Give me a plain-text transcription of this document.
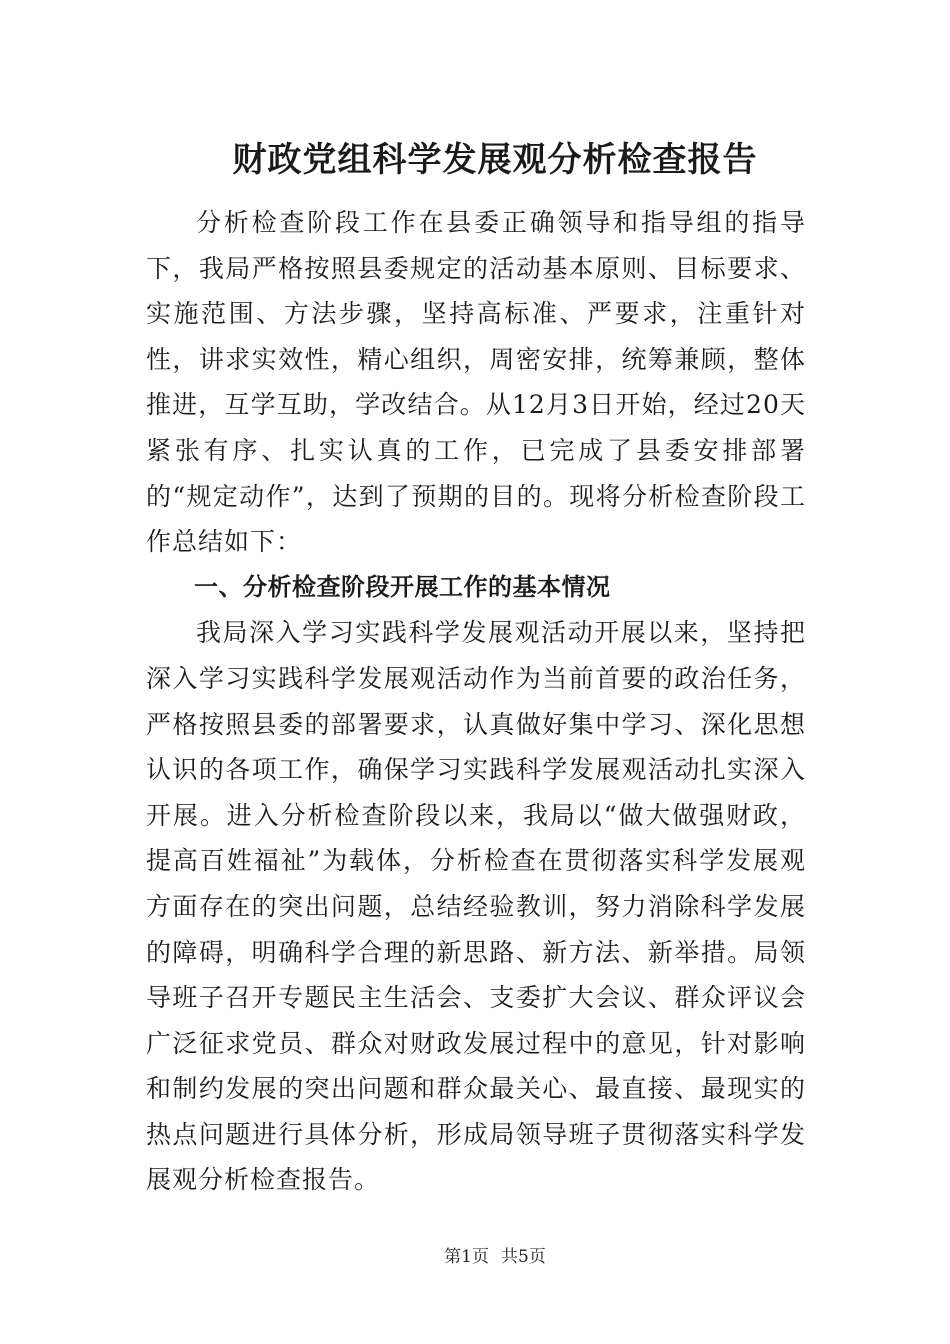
财政党组科学发展观分析检查报告

分析检查阶段工作在县委正确领导和指导组的指导下，我局严格按照县委规定的活动基本原则、目标要求、实施范围、方法步骤，坚持高标准、严要求，注重针对性，讲求实效性，精心组织，周密安排，统筹兼顾，整体推进，互学互助，学改结合。从12月3日开始，经过20天紧张有序、扎实认真的工作，已完成了县委安排部署的“规定动作”，达到了预期的目的。现将分析检查阶段工作总结如下：

一、分析检查阶段开展工作的基本情况

我局深入学习实践科学发展观活动开展以来，坚持把深入学习实践科学发展观活动作为当前首要的政治任务，严格按照县委的部署要求，认真做好集中学习、深化思想认识的各项工作，确保学习实践科学发展观活动扎实深入开展。进入分析检查阶段以来，我局以“做大做强财政，提高百姓福祉”为载体，分析检查在贯彻落实科学发展观方面存在的突出问题，总结经验教训，努力消除科学发展的障碍，明确科学合理的新思路、新方法、新举措。局领导班子召开专题民主生活会、支委扩大会议、群众评议会广泛征求党员、群众对财政发展过程中的意见，针对影响和制约发展的突出问题和群众最关心、最直接、最现实的热点问题进行具体分析，形成局领导班子贯彻落实科学发展观分析检查报告。

第1页 共5页
